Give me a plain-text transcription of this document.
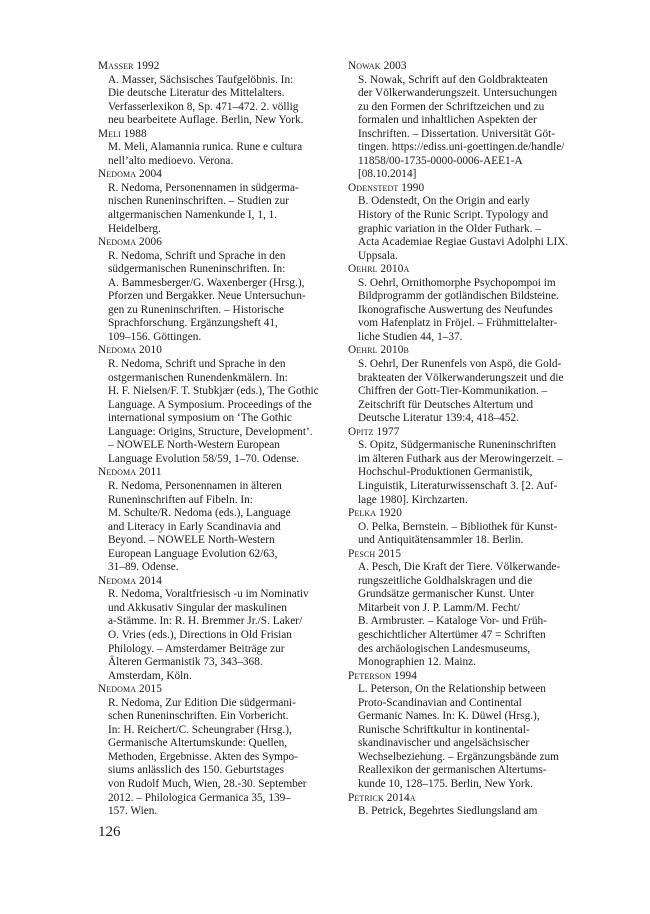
Masser 1992
A. Masser, Sächsisches Taufgelöbnis. In:
Die deutsche Literatur des Mittelalters.
Verfasserlexikon 8, Sp. 471–472. 2. völlig
neu bearbeitete Auflage. Berlin, New York.
Meli 1988
M. Meli, Alamannia runica. Rune e cultura
nell’alto medioevo. Verona.
Nedoma 2004
R. Nedoma, Personennamen in südgerma-
nischen Runeninschriften. – Studien zur
altgermanischen Namenkunde I, 1, 1.
Heidelberg.
Nedoma 2006
R. Nedoma, Schrift und Sprache in den
südgermanischen Runeninschriften. In:
A. Bammesberger/G. Waxenberger (Hrsg.),
Pforzen und Bergakker. Neue Untersuchun-
gen zu Runeninschriften. – Historische
Sprachforschung. Ergänzungsheft 41,
109–156. Göttingen.
Nedoma 2010
R. Nedoma, Schrift und Sprache in den
ostgermanischen Runendenkmälern. In:
H. F. Nielsen/F. T. Stubkjær (eds.), The Gothic
Language. A Symposium. Proceedings of the
international symposium on ‘The Gothic
Language: Origins, Structure, Development’.
– NOWELE North-Western European
Language Evolution 58/59, 1–70. Odense.
Nedoma 2011
R. Nedoma, Personennamen in älteren
Runeninschriften auf Fibeln. In:
M. Schulte/R. Nedoma (eds.), Language
and Literacy in Early Scandinavia and
Beyond. – NOWELE North-Western
European Language Evolution 62/63,
31–89. Odense.
Nedoma 2014
R. Nedoma, Voraltfriesisch -u im Nominativ
und Akkusativ Singular der maskulinen
a-Stämme. In: R. H. Bremmer Jr./S. Laker/
O. Vries (eds.), Directions in Old Frisian
Philology. – Amsterdamer Beiträge zur
Älteren Germanistik 73, 343–368.
Amsterdam, Köln.
Nedoma 2015
R. Nedoma, Zur Edition Die südgermani-
schen Runeninschriften. Ein Vorbericht.
In: H. Reichert/C. Scheungraber (Hrsg.),
Germanische Altertumskunde: Quellen,
Methoden, Ergebnisse. Akten des Sympo-
siums anlässlich des 150. Geburtstages
von Rudolf Much, Wien, 28.-30. September
2012. – Philologica Germanica 35, 139–
157. Wien.
Nowak 2003
S. Nowak, Schrift auf den Goldbrakteaten
der Völkerwanderungszeit. Untersuchungen
zu den Formen der Schriftzeichen und zu
formalen und inhaltlichen Aspekten der
Inschriften. – Dissertation. Universität Göt-
tingen. https://ediss.uni-goettingen.de/handle/
11858/00-1735-0000-0006-AEE1-A
[08.10.2014]
Odenstedt 1990
B. Odenstedt, On the Origin and early
History of the Runic Script. Typology and
graphic variation in the Older Futhark. –
Acta Academiae Regiae Gustavi Adolphi LIX.
Uppsala.
Oehrl 2010a
S. Oehrl, Ornithomorphe Psychopompoi im
Bildprogramm der gotländischen Bildsteine.
Ikonografische Auswertung des Neufundes
vom Hafenplatz in Fröjel. – Frühmittelalter-
liche Studien 44, 1–37.
Oehrl 2010b
S. Oehrl, Der Runenfels von Aspö, die Gold-
brakteaten der Völkerwanderungszeit und die
Chiffren der Gott-Tier-Kommunikation. –
Zeitschrift für Deutsches Altertum und
Deutsche Literatur 139:4, 418–452.
Opitz 1977
S. Opitz, Südgermanische Runeninschriften
im älteren Futhark aus der Merowingerzeit. –
Hochschul-Produktionen Germanistik,
Linguistik, Literaturwissenschaft 3. [2. Auf-
lage 1980]. Kirchzarten.
Pelka 1920
O. Pelka, Bernstein. – Bibliothek für Kunst-
und Antiquitätensammler 18. Berlin.
Pesch 2015
A. Pesch, Die Kraft der Tiere. Völkerwande-
rungszeitliche Goldhalskragen und die
Grundsätze germanischer Kunst. Unter
Mitarbeit von J. P. Lamm/M. Fecht/
B. Armbruster. – Kataloge Vor- und Früh-
geschichtlicher Altertümer 47 = Schriften
des archäologischen Landesmuseums,
Monographien 12. Mainz.
Peterson 1994
L. Peterson, On the Relationship between
Proto-Scandinavian and Continental
Germanic Names. In: K. Düwel (Hrsg.),
Runische Schriftkultur in kontinental-
skandinavischer und angelsächsischer
Wechselbeziehung. – Ergänzungsbände zum
Reallexikon der germanischen Altertums-
kunde 10, 128–175. Berlin, New York.
Petrick 2014a
B. Petrick, Begehrtes Siedlungsland am
126
